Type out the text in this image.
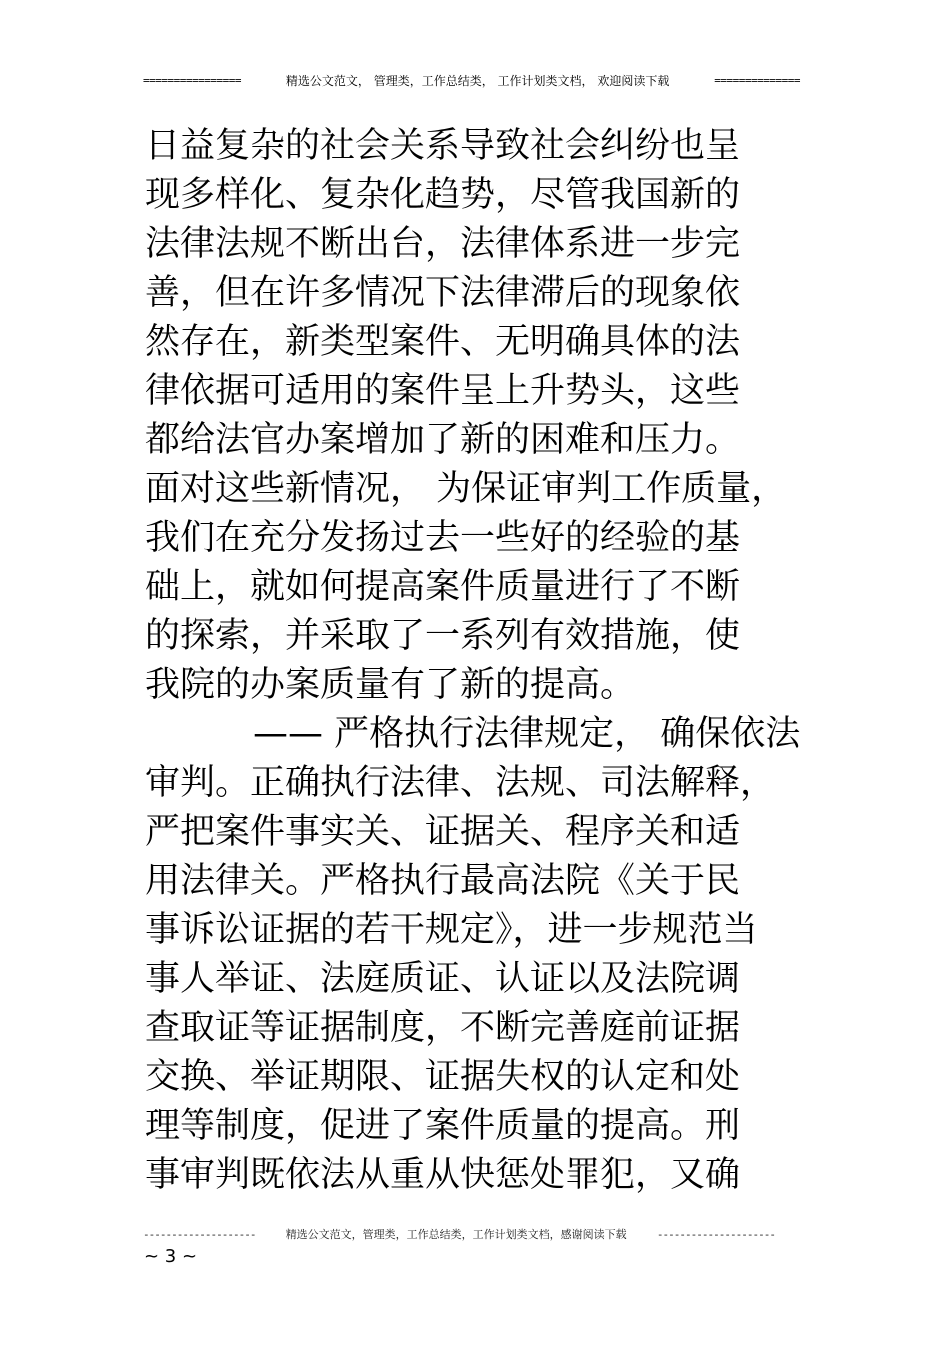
================	精选公文范文， 管理类，工作总结类， 工作计划类文档， 欢迎阅读下载	==============
日益复杂的社会关系导致社会纠纷也呈
现多样化、复杂化趋势，尽管我国新的
法律法规不断出台，法律体系进一步完
善，但在许多情况下法律滞后的现象依
然存在，新类型案件、无明确具体的法
律依据可适用的案件呈上升势头，这些
都给法官办案增加了新的困难和压力。
面对这些新情况， 为保证审判工作质量，
我们在充分发扬过去一些好的经验的基
础上，就如何提高案件质量进行了不断
的探索，并采取了一系列有效措施，使
我院的办案质量有了新的提高。
—— 严格执行法律规定， 确保依法
审判。正确执行法律、法规、司法解释，
严把案件事实关、证据关、程序关和适
用法律关。严格执行最高法院《关于民
事诉讼证据的若干规定》，进一步规范当
事人举证、法庭质证、认证以及法院调
查取证等证据制度，不断完善庭前证据
交换、举证期限、证据失权的认定和处
理等制度，促进了案件质量的提高。刑
事审判既依法从重从快惩处罪犯，又确
--------------------	精选公文范文，管理类，工作总结类，工作计划类文档，感谢阅读下载	---------------------
~ 3 ~
